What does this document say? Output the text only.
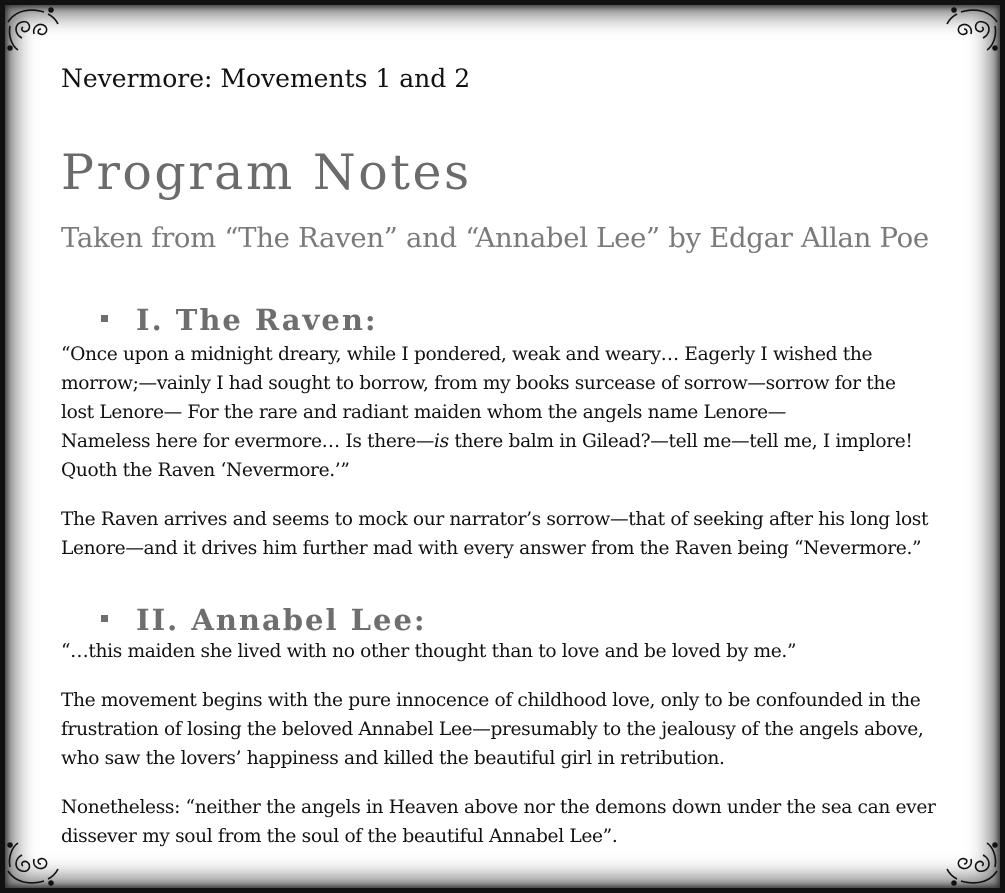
Nevermore: Movements 1 and 2
Program Notes
Taken from “The Raven” and “Annabel Lee” by Edgar Allan Poe
I. The Raven:
“Once upon a midnight dreary, while I pondered, weak and weary… Eagerly I wished the
morrow;—vainly I had sought to borrow, from my books surcease of sorrow—sorrow for the
lost Lenore— For the rare and radiant maiden whom the angels name Lenore—
Nameless here for evermore… Is there—is there balm in Gilead?—tell me—tell me, I implore!
Quoth the Raven ‘Nevermore.’”
The Raven arrives and seems to mock our narrator’s sorrow—that of seeking after his long lost
Lenore—and it drives him further mad with every answer from the Raven being “Nevermore.”
II. Annabel Lee:
“…this maiden she lived with no other thought than to love and be loved by me.”
The movement begins with the pure innocence of childhood love, only to be confounded in the
frustration of losing the beloved Annabel Lee—presumably to the jealousy of the angels above,
who saw the lovers’ happiness and killed the beautiful girl in retribution.
Nonetheless: “neither the angels in Heaven above nor the demons down under the sea can ever
dissever my soul from the soul of the beautiful Annabel Lee”.
